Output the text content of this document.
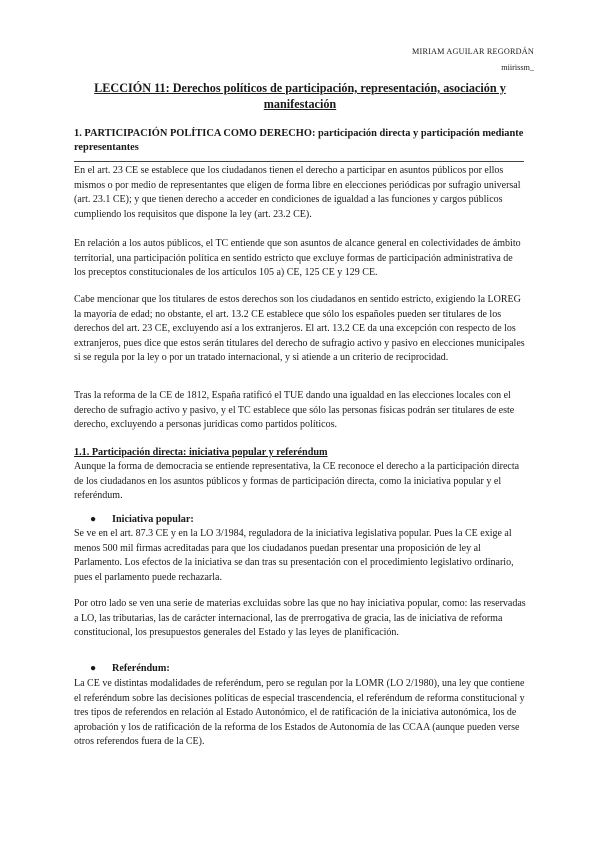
MIRIAM AGUILAR REGORDÁN
miirissm_
LECCIÓN 11: Derechos políticos de participación, representación, asociación y manifestación
1. PARTICIPACIÓN POLÍTICA COMO DERECHO: participación directa y participación mediante representantes

En el art. 23 CE se establece que los ciudadanos tienen el derecho a participar en asuntos públicos por ellos mismos o por medio de representantes que eligen de forma libre en elecciones periódicas por sufragio universal (art. 23.1 CE); y que tienen derecho a acceder en condiciones de igualdad a las funciones y cargos públicos cumpliendo los requisitos que dispone la ley (art. 23.2 CE).

En relación a los autos públicos, el TC entiende que son asuntos de alcance general en colectividades de ámbito territorial, una participación política en sentido estricto que excluye formas de participación administrativa de los preceptos constitucionales de los artículos 105 a) CE, 125 CE y 129 CE.

Cabe mencionar que los titulares de estos derechos son los ciudadanos en sentido estricto, exigiendo la LOREG la mayoría de edad; no obstante, el art. 13.2 CE establece que sólo los españoles pueden ser titulares de los derechos del art. 23 CE, excluyendo así a los extranjeros. El art. 13.2 CE da una excepción con respecto de los extranjeros, pues dice que estos serán titulares del derecho de sufragio activo y pasivo en elecciones municipales si se regula por la ley o por un tratado internacional, y si atiende a un criterio de reciprocidad.

Tras la reforma de la CE de 1812, España ratificó el TUE dando una igualdad en las elecciones locales con el derecho de sufragio activo y pasivo, y el TC establece que sólo las personas físicas podrán ser titulares de este derecho, excluyendo a personas jurídicas como partidos políticos.

1.1. Participación directa: iniciativa popular y referéndum

Aunque la forma de democracia se entiende representativa, la CE reconoce el derecho a la participación directa de los ciudadanos en los asuntos públicos y formas de participación directa, como la iniciativa popular y el referéndum.

● Iniciativa popular:

Se ve en el art. 87.3 CE y en la LO 3/1984, reguladora de la iniciativa legislativa popular. Pues la CE exige al menos 500 mil firmas acreditadas para que los ciudadanos puedan presentar una proposición de ley al Parlamento. Los efectos de la iniciativa se dan tras su presentación con el procedimiento legislativo ordinario, pues el parlamento puede rechazarla.

Por otro lado se ven una serie de materias excluidas sobre las que no hay iniciativa popular, como: las reservadas a LO, las tributarias, las de carácter internacional, las de prerrogativa de gracia, las de iniciativa de reforma constitucional, los presupuestos generales del Estado y las leyes de planificación.

● Referéndum:

La CE ve distintas modalidades de referéndum, pero se regulan por la LOMR (LO 2/1980), una ley que contiene el referéndum sobre las decisiones políticas de especial trascendencia, el referéndum de reforma constitucional y tres tipos de referendos en relación al Estado Autonómico, el de ratificación de la iniciativa autonómica, los de aprobación y los de ratificación de la reforma de los Estados de Autonomía de las CCAA (aunque pueden verse otros referendos fuera de la CE).
